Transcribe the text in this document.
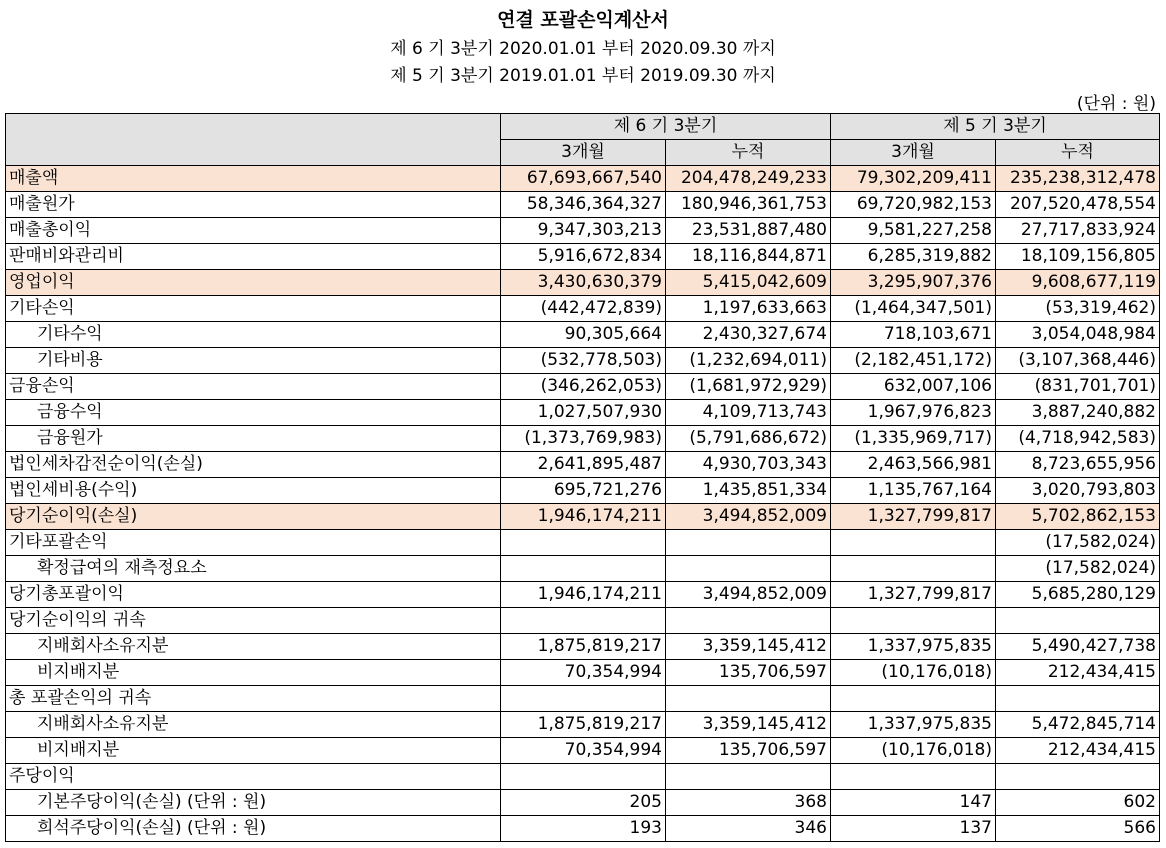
연결 포괄손익계산서
제 6 기 3분기 2020.01.01 부터 2020.09.30 까지
제 5 기 3분기 2019.01.01 부터 2019.09.30 까지
(단위 : 원)
	제 6 기 3분기		제 5 기 3분기	
	3개월	누적	3개월	누적
매출액	67,693,667,540	204,478,249,233	79,302,209,411	235,238,312,478
매출원가	58,346,364,327	180,946,361,753	69,720,982,153	207,520,478,554
매출총이익	9,347,303,213	23,531,887,480	9,581,227,258	27,717,833,924
판매비와관리비	5,916,672,834	18,116,844,871	6,285,319,882	18,109,156,805
영업이익	3,430,630,379	5,415,042,609	3,295,907,376	9,608,677,119
기타손익	(442,472,839)	1,197,633,663	(1,464,347,501)	(53,319,462)
기타수익	90,305,664	2,430,327,674	718,103,671	3,054,048,984
기타비용	(532,778,503)	(1,232,694,011)	(2,182,451,172)	(3,107,368,446)
금융손익	(346,262,053)	(1,681,972,929)	632,007,106	(831,701,701)
금융수익	1,027,507,930	4,109,713,743	1,967,976,823	3,887,240,882
금융원가	(1,373,769,983)	(5,791,686,672)	(1,335,969,717)	(4,718,942,583)
법인세차감전순이익(손실)	2,641,895,487	4,930,703,343	2,463,566,981	8,723,655,956
법인세비용(수익)	695,721,276	1,435,851,334	1,135,767,164	3,020,793,803
당기순이익(손실)	1,946,174,211	3,494,852,009	1,327,799,817	5,702,862,153
기타포괄손익				(17,582,024)
확정급여의 재측정요소				(17,582,024)
당기총포괄이익	1,946,174,211	3,494,852,009	1,327,799,817	5,685,280,129
당기순이익의 귀속				
지배회사소유지분	1,875,819,217	3,359,145,412	1,337,975,835	5,490,427,738
비지배지분	70,354,994	135,706,597	(10,176,018)	212,434,415
총 포괄손익의 귀속				
지배회사소유지분	1,875,819,217	3,359,145,412	1,337,975,835	5,472,845,714
비지배지분	70,354,994	135,706,597	(10,176,018)	212,434,415
주당이익				
기본주당이익(손실) (단위 : 원)	205	368	147	602
희석주당이익(손실) (단위 : 원)	193	346	137	566
